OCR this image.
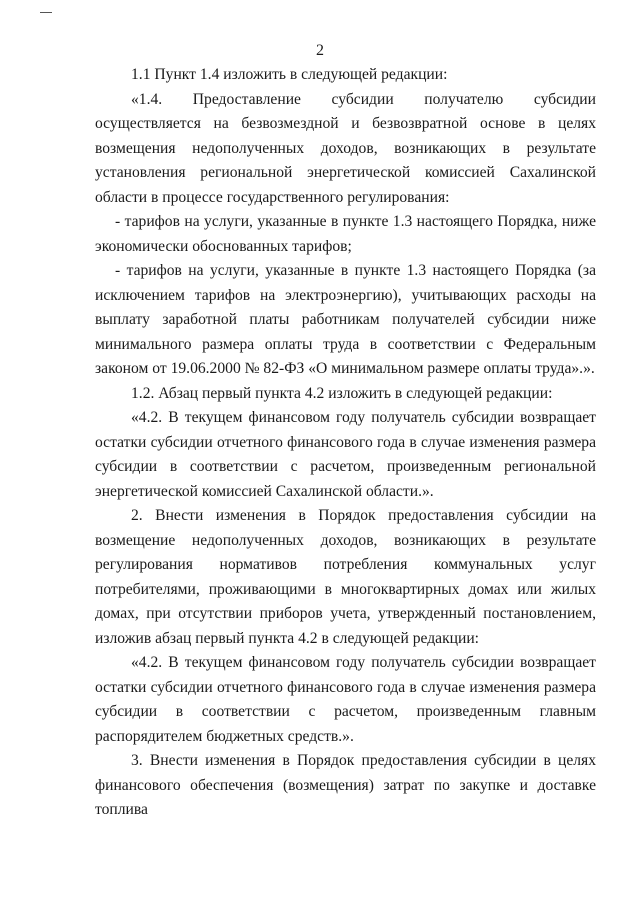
2

1.1 Пункт 1.4 изложить в следующей редакции:

«1.4. Предоставление субсидии получателю субсидии осуществляется на безвозмездной и безвозвратной основе в целях возмещения недополученных доходов, возникающих в результате установления региональной энергетической комиссией Сахалинской области в процессе государственного регулирования:

- тарифов на услуги, указанные в пункте 1.3 настоящего Порядка, ниже экономически обоснованных тарифов;

- тарифов на услуги, указанные в пункте 1.3 настоящего Порядка (за исключением тарифов на электроэнергию), учитывающих расходы на выплату заработной платы работникам получателей субсидии ниже минимального размера оплаты труда в соответствии с Федеральным законом от 19.06.2000 № 82-ФЗ «О минимальном размере оплаты труда».».

1.2. Абзац первый пункта 4.2 изложить в следующей редакции:

«4.2. В текущем финансовом году получатель субсидии возвращает остатки субсидии отчетного финансового года в случае изменения размера субсидии в соответствии с расчетом, произведенным региональной энергетической комиссией Сахалинской области.».

2. Внести изменения в Порядок предоставления субсидии на возмещение недополученных доходов, возникающих в результате регулирования нормативов потребления коммунальных услуг потребителями, проживающими в многоквартирных домах или жилых домах, при отсутствии приборов учета, утвержденный постановлением, изложив абзац первый пункта 4.2 в следующей редакции:

«4.2. В текущем финансовом году получатель субсидии возвращает остатки субсидии отчетного финансового года в случае изменения размера субсидии в соответствии с расчетом, произведенным главным распорядителем бюджетных средств.».

3. Внести изменения в Порядок предоставления субсидии в целях финансового обеспечения (возмещения) затрат по закупке и доставке топлива
